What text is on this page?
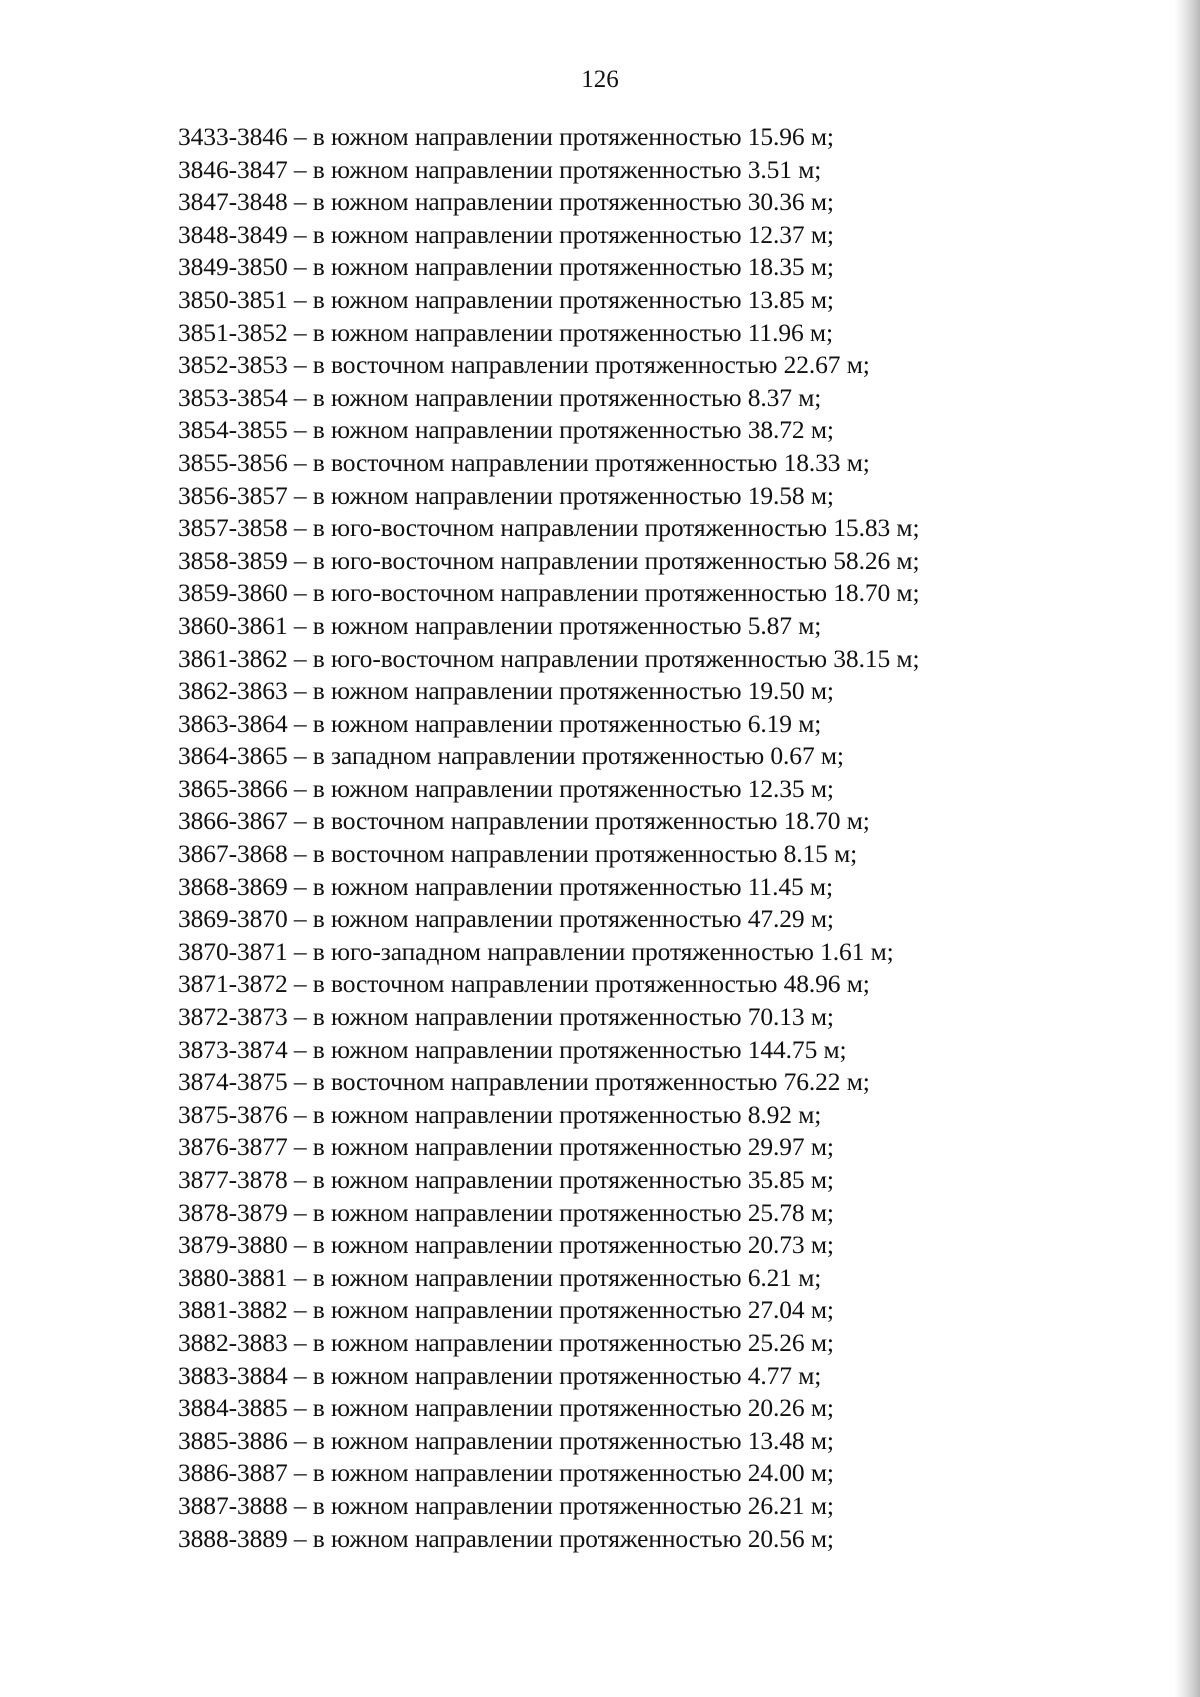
126
3433-3846 – в южном направлении протяженностью 15.96 м;
3846-3847 – в южном направлении протяженностью 3.51 м;
3847-3848 – в южном направлении протяженностью 30.36 м;
3848-3849 – в южном направлении протяженностью 12.37 м;
3849-3850 – в южном направлении протяженностью 18.35 м;
3850-3851 – в южном направлении протяженностью 13.85 м;
3851-3852 – в южном направлении протяженностью 11.96 м;
3852-3853 – в восточном направлении протяженностью 22.67 м;
3853-3854 – в южном направлении протяженностью 8.37 м;
3854-3855 – в южном направлении протяженностью 38.72 м;
3855-3856 – в восточном направлении протяженностью 18.33 м;
3856-3857 – в южном направлении протяженностью 19.58 м;
3857-3858 – в юго-восточном направлении протяженностью 15.83 м;
3858-3859 – в юго-восточном направлении протяженностью 58.26 м;
3859-3860 – в юго-восточном направлении протяженностью 18.70 м;
3860-3861 – в южном направлении протяженностью 5.87 м;
3861-3862 – в юго-восточном направлении протяженностью 38.15 м;
3862-3863 – в южном направлении протяженностью 19.50 м;
3863-3864 – в южном направлении протяженностью 6.19 м;
3864-3865 – в западном направлении протяженностью 0.67 м;
3865-3866 – в южном направлении протяженностью 12.35 м;
3866-3867 – в восточном направлении протяженностью 18.70 м;
3867-3868 – в восточном направлении протяженностью 8.15 м;
3868-3869 – в южном направлении протяженностью 11.45 м;
3869-3870 – в южном направлении протяженностью 47.29 м;
3870-3871 – в юго-западном направлении протяженностью 1.61 м;
3871-3872 – в восточном направлении протяженностью 48.96 м;
3872-3873 – в южном направлении протяженностью 70.13 м;
3873-3874 – в южном направлении протяженностью 144.75 м;
3874-3875 – в восточном направлении протяженностью 76.22 м;
3875-3876 – в южном направлении протяженностью 8.92 м;
3876-3877 – в южном направлении протяженностью 29.97 м;
3877-3878 – в южном направлении протяженностью 35.85 м;
3878-3879 – в южном направлении протяженностью 25.78 м;
3879-3880 – в южном направлении протяженностью 20.73 м;
3880-3881 – в южном направлении протяженностью 6.21 м;
3881-3882 – в южном направлении протяженностью 27.04 м;
3882-3883 – в южном направлении протяженностью 25.26 м;
3883-3884 – в южном направлении протяженностью 4.77 м;
3884-3885 – в южном направлении протяженностью 20.26 м;
3885-3886 – в южном направлении протяженностью 13.48 м;
3886-3887 – в южном направлении протяженностью 24.00 м;
3887-3888 – в южном направлении протяженностью 26.21 м;
3888-3889 – в южном направлении протяженностью 20.56 м;
